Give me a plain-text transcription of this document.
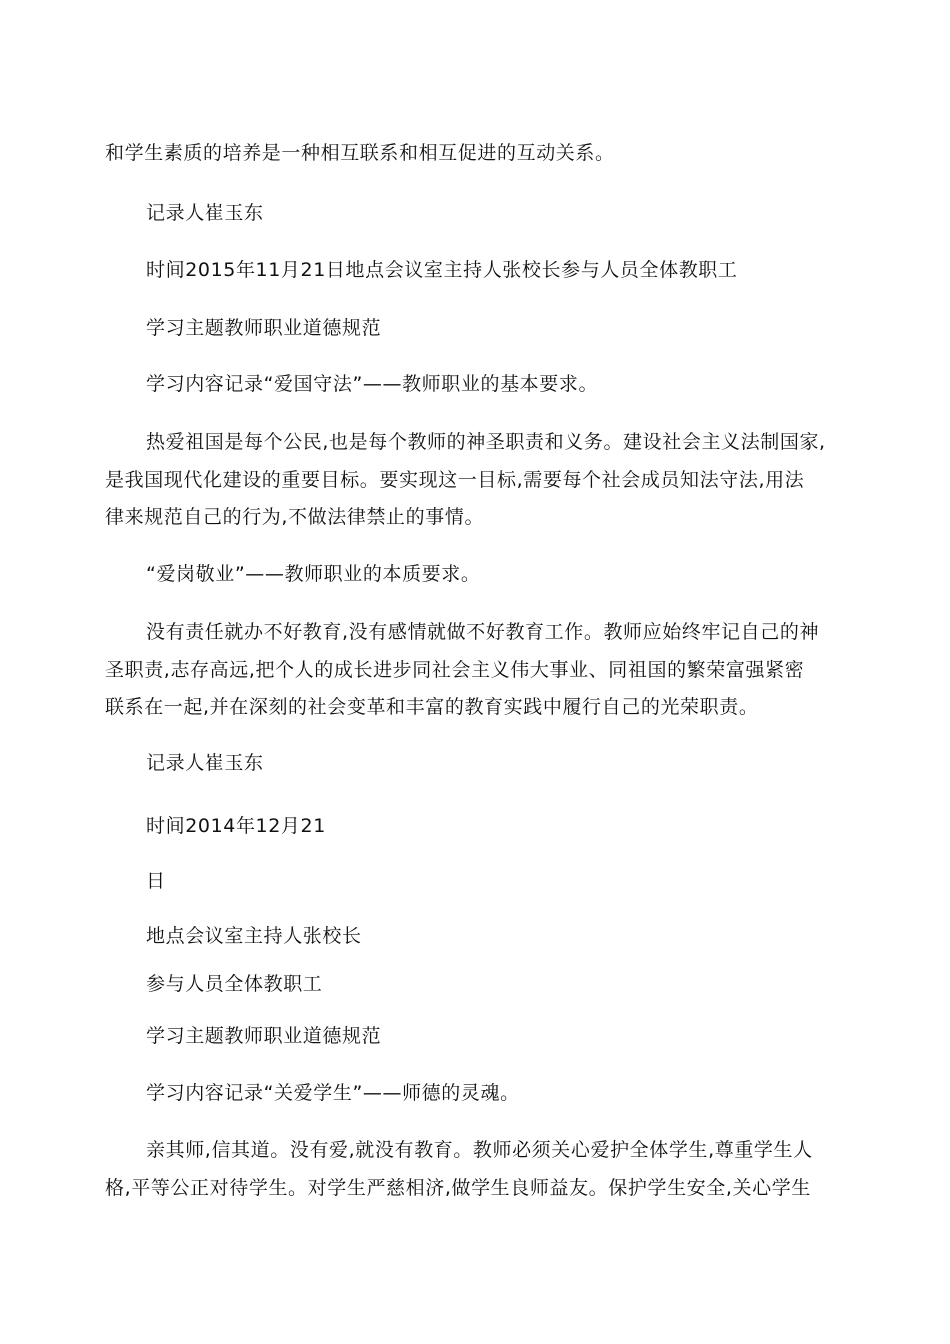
和学生素质的培养是一种相互联系和相互促进的互动关系。
记录人崔玉东
时间2015年11月21日地点会议室主持人张校长参与人员全体教职工
学习主题教师职业道德规范
学习内容记录“爱国守法”——教师职业的基本要求。
热爱祖国是每个公民,也是每个教师的神圣职责和义务。建设社会主义法制国家,
是我国现代化建设的重要目标。要实现这一目标,需要每个社会成员知法守法,用法
律来规范自己的行为,不做法律禁止的事情。
“爱岗敬业”——教师职业的本质要求。
没有责任就办不好教育,没有感情就做不好教育工作。教师应始终牢记自己的神
圣职责,志存高远,把个人的成长进步同社会主义伟大事业、同祖国的繁荣富强紧密
联系在一起,并在深刻的社会变革和丰富的教育实践中履行自己的光荣职责。
记录人崔玉东
时间2014年12月21
日
地点会议室主持人张校长
参与人员全体教职工
学习主题教师职业道德规范
学习内容记录“关爱学生”——师德的灵魂。
亲其师,信其道。没有爱,就没有教育。教师必须关心爱护全体学生,尊重学生人
格,平等公正对待学生。对学生严慈相济,做学生良师益友。保护学生安全,关心学生
